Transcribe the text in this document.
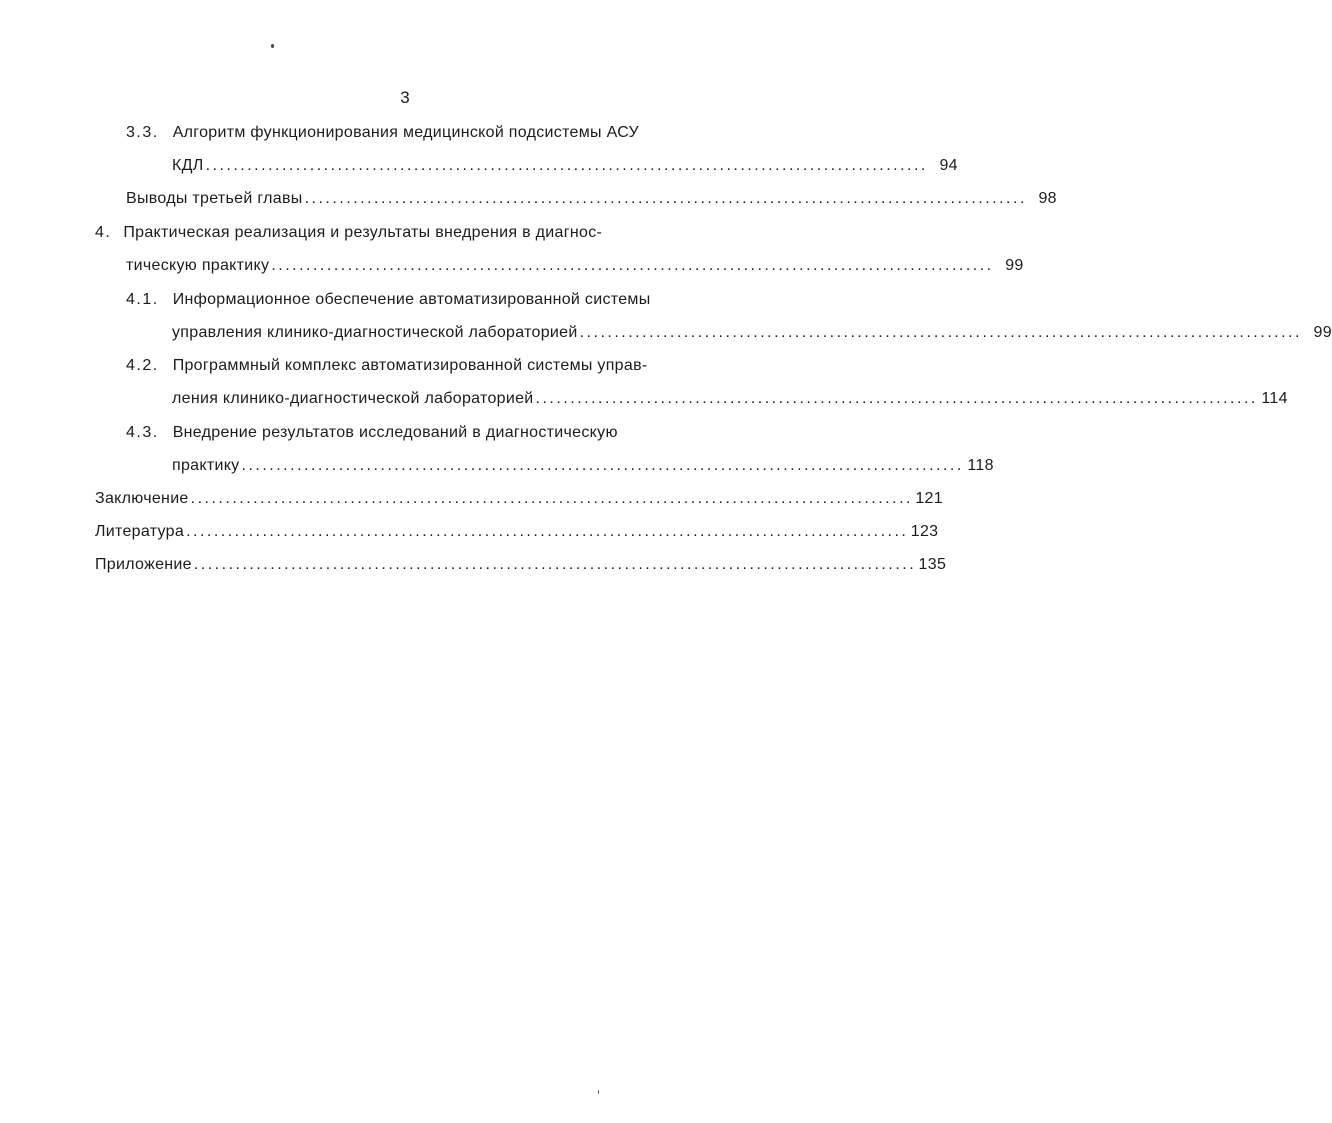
3
3.3. Алгоритм функционирования медицинской подсистемы АСУ
КДЛ ........................................................................................................ 94
Выводы третьей главы ........................................................................................................ 98
4. Практическая реализация и результаты внедрения в диагнос-
тическую практику ........................................................................................................ 99
4.1. Информационное обеспечение автоматизированной системы
управления клинико-диагностической лабораторией ........................................................................................................ 99
4.2. Программный комплекс автоматизированной системы управ-
ления клинико-диагностической лабораторией ........................................................................................................ 114
4.3. Внедрение результатов исследований в диагностическую
практику ........................................................................................................ 118
Заключение ........................................................................................................ 121
Литература ........................................................................................................ 123
Приложение ........................................................................................................ 135
